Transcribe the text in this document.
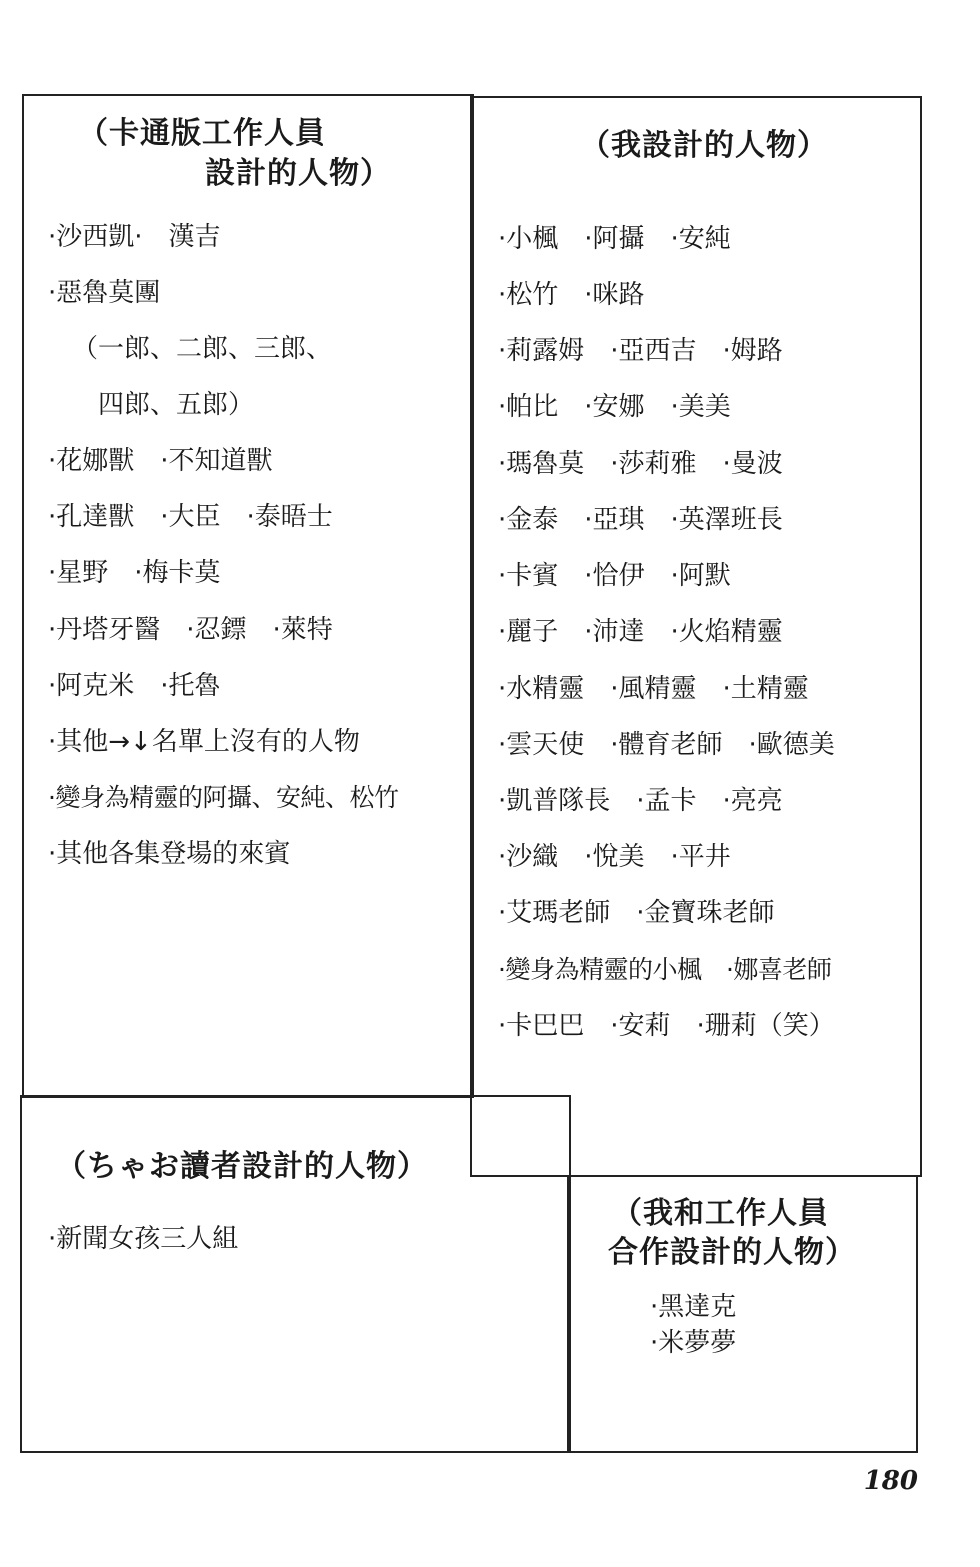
（卡通版工作人員
設計的人物）
·沙西凱·　漢吉
·惡魯莫團
（一郎、二郎、三郎、
四郎、五郎）
·花娜獸　·不知道獸
·孔達獸　·大臣　·泰晤士
·星野　·梅卡莫
·丹塔牙醫　·忍鏢　·萊特
·阿克米　·托魯
·其他→↓名單上沒有的人物
·變身為精靈的阿攝、安純、松竹
·其他各集登場的來賓
（我設計的人物）
·小楓　·阿攝　·安純
·松竹　·咪路
·莉露姆　·亞西吉　·姆路
·帕比　·安娜　·美美
·瑪魯莫　·莎莉雅　·曼波
·金泰　·亞琪　·英澤班長
·卡賓　·恰伊　·阿默
·麗子　·沛達　·火焰精靈
·水精靈　·風精靈　·土精靈
·雲天使　·體育老師　·歐德美
·凱普隊長　·孟卡　·亮亮
·沙織　·悅美　·平井
·艾瑪老師　·金寶珠老師
·變身為精靈的小楓　·娜喜老師
·卡巴巴　·安莉　·珊莉（笑）
（ちゃお讀者設計的人物）
·新聞女孩三人組
（我和工作人員
合作設計的人物）
·黑達克
·米夢夢
180
